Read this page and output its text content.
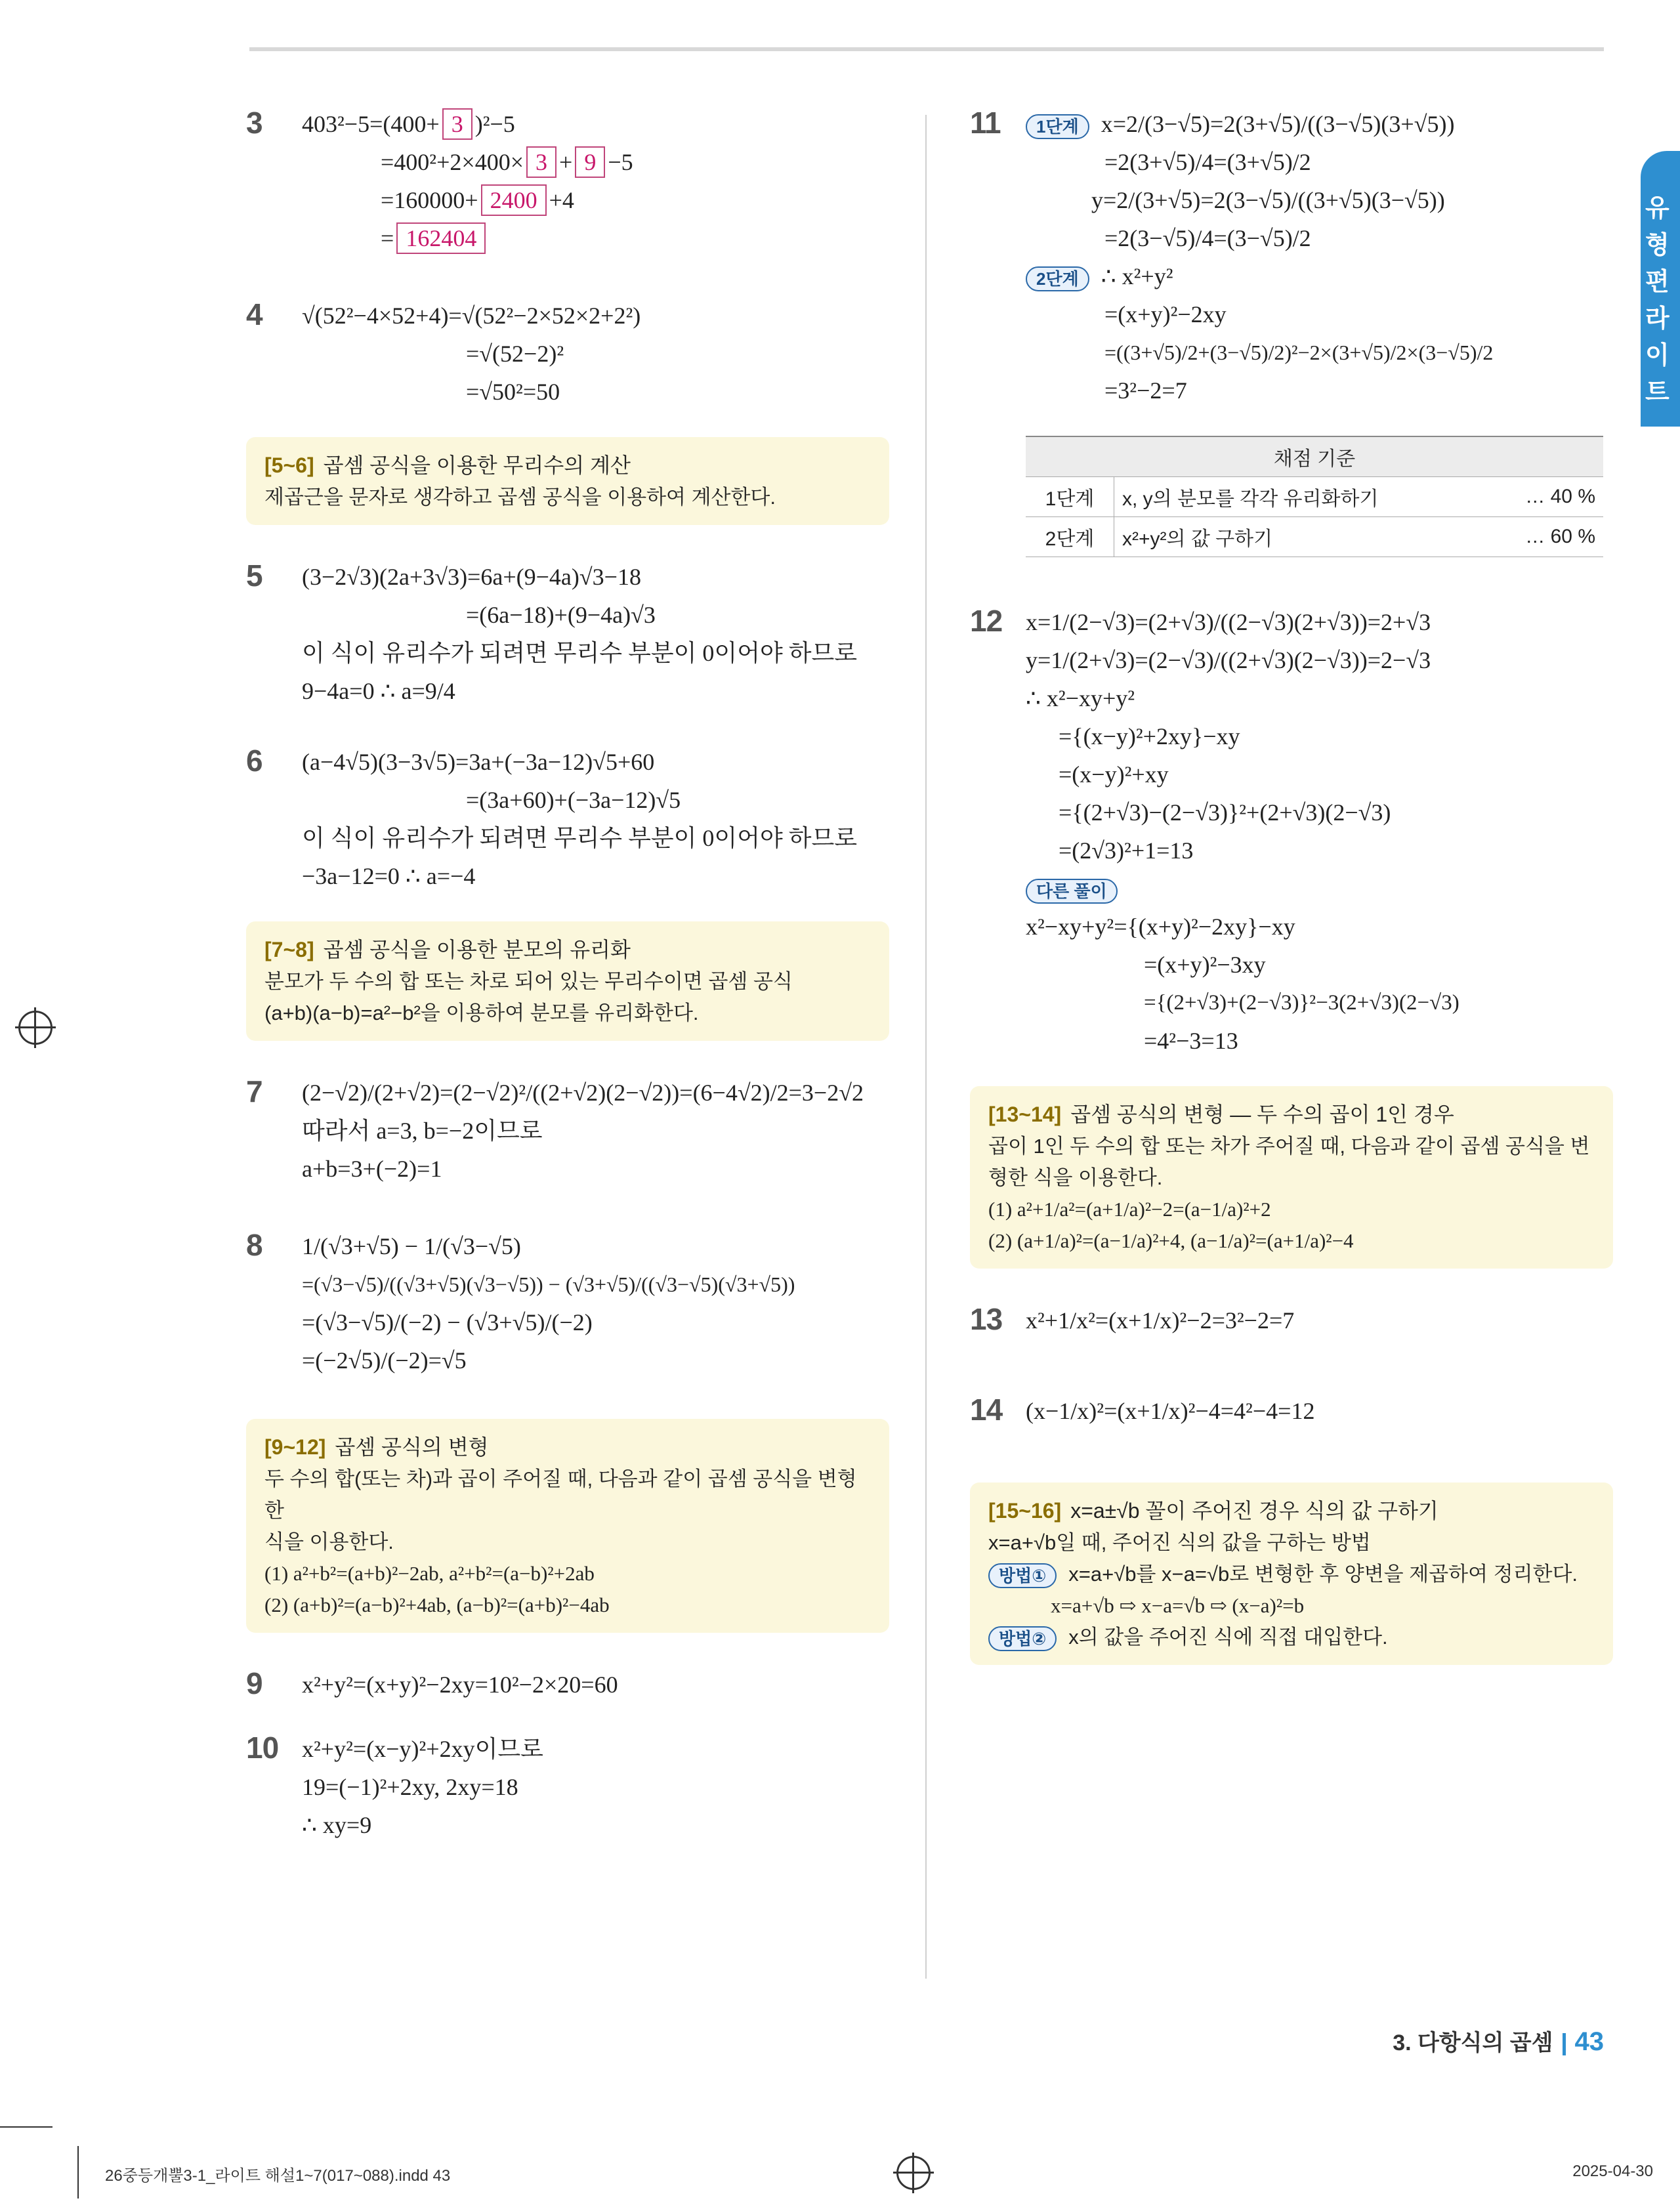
유형편 라이트
3 403²−5=(400+ 3 )²−5
=400²+2×400× 3 + 9 −5
=160000+ 2400 +4
= 162404
4 √(52²−4×52+4)=√(52²−2×52×2+2²)
=√(52−2)²
=√50²=50
[5~6] 곱셈 공식을 이용한 무리수의 계산
제곱근을 문자로 생각하고 곱셈 공식을 이용하여 계산한다.
5 (3−2√3)(2a+3√3)=6a+(9−4a)√3−18
=(6a−18)+(9−4a)√3
이 식이 유리수가 되려면 무리수 부분이 0이어야 하므로
9−4a=0 ∴ a=9/4
6 (a−4√5)(3−3√5)=3a+(−3a−12)√5+60
=(3a+60)+(−3a−12)√5
이 식이 유리수가 되려면 무리수 부분이 0이어야 하므로
−3a−12=0 ∴ a=−4
[7~8] 곱셈 공식을 이용한 분모의 유리화
분모가 두 수의 합 또는 차로 되어 있는 무리수이면 곱셈 공식
(a+b)(a−b)=a²−b²을 이용하여 분모를 유리화한다.
7 (2−√2)/(2+√2)=(2−√2)²/((2+√2)(2−√2))=(6−4√2)/2=3−2√2
따라서 a=3, b=−2이므로
a+b=3+(−2)=1
8 1/(√3+√5) − 1/(√3−√5)
=(√3−√5)/((√3+√5)(√3−√5)) − (√3+√5)/((√3−√5)(√3+√5))
=(√3−√5)/(−2) − (√3+√5)/(−2)
=(−2√5)/(−2)=√5
[9~12] 곱셈 공식의 변형
두 수의 합(또는 차)과 곱이 주어질 때, 다음과 같이 곱셈 공식을 변형한
식을 이용한다.
(1) a²+b²=(a+b)²−2ab, a²+b²=(a−b)²+2ab
(2) (a+b)²=(a−b)²+4ab, (a−b)²=(a+b)²−4ab
9 x²+y²=(x+y)²−2xy=10²−2×20=60
10 x²+y²=(x−y)²+2xy이므로
19=(−1)²+2xy, 2xy=18
∴ xy=9
11	1단계 x=2/(3−√5)=2(3+√5)/((3−√5)(3+√5))
=2(3+√5)/4=(3+√5)/2
y=2/(3+√5)=2(3−√5)/((3+√5)(3−√5))
=2(3−√5)/4=(3−√5)/2
2단계 ∴ x²+y²
=(x+y)²−2xy
=((3+√5)/2+(3−√5)/2)²−2×(3+√5)/2×(3−√5)/2
=3²−2=7
채점 기준		
1단계	x, y의 분모를 각각 유리화하기	… 40 %
2단계	x²+y²의 값 구하기	… 60 %
12 x=1/(2−√3)=(2+√3)/((2−√3)(2+√3))=2+√3
y=1/(2+√3)=(2−√3)/((2+√3)(2−√3))=2−√3
∴ x²−xy+y²
={(x−y)²+2xy}−xy
=(x−y)²+xy
={(2+√3)−(2−√3)}²+(2+√3)(2−√3)
=(2√3)²+1=13
다른 풀이
x²−xy+y²={(x+y)²−2xy}−xy
=(x+y)²−3xy
={(2+√3)+(2−√3)}²−3(2+√3)(2−√3)
=4²−3=13
[13~14] 곱셈 공식의 변형 — 두 수의 곱이 1인 경우
곱이 1인 두 수의 합 또는 차가 주어질 때, 다음과 같이 곱셈 공식을 변
형한 식을 이용한다.
(1) a²+1/a²=(a+1/a)²−2=(a−1/a)²+2
(2) (a+1/a)²=(a−1/a)²+4, (a−1/a)²=(a+1/a)²−4
13 x²+1/x²=(x+1/x)²−2=3²−2=7
14 (x−1/x)²=(x+1/x)²−4=4²−4=12
[15~16] x=a±√b 꼴이 주어진 경우 식의 값 구하기
x=a+√b일 때, 주어진 식의 값을 구하는 방법
방법① x=a+√b를 x−a=√b로 변형한 후 양변을 제곱하여 정리한다.
x=a+√b ⇨ x−a=√b ⇨ (x−a)²=b
방법② x의 값을 주어진 식에 직접 대입한다.
3. 다항식의 곱셈 43
26중등개뿔3-1_라이트 해설1~7(017~088).indd 43	2025-04-30
